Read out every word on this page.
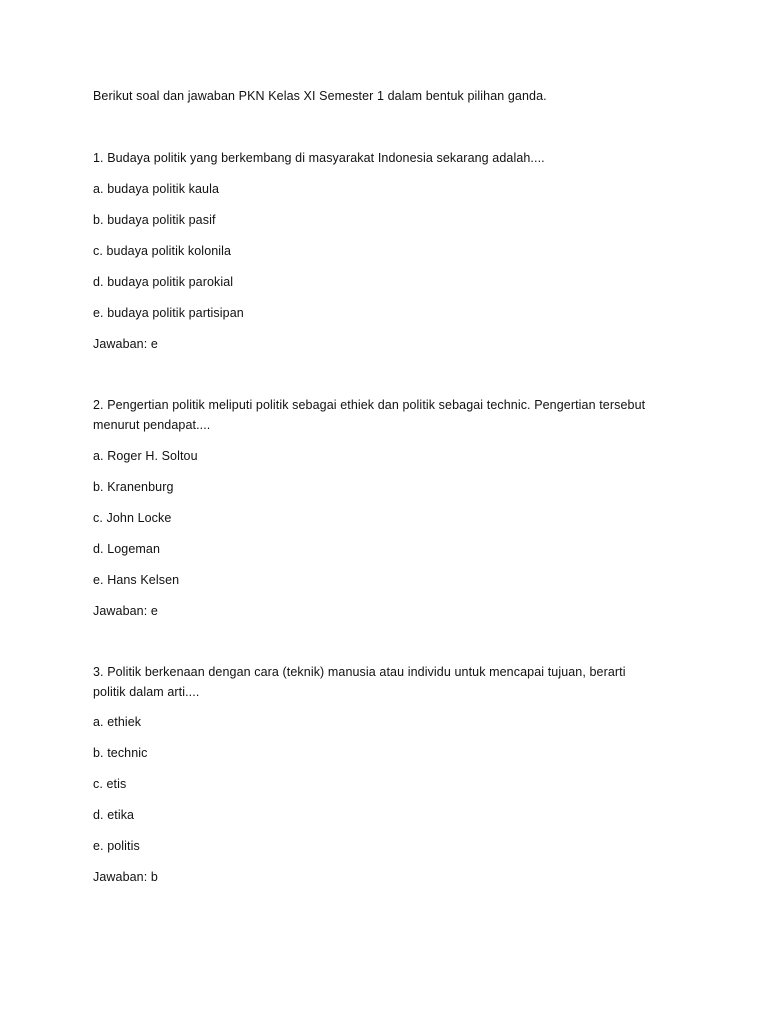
Berikut soal dan jawaban PKN Kelas XI Semester 1 dalam bentuk pilihan ganda.
1. Budaya politik yang berkembang di masyarakat Indonesia sekarang adalah....
a. budaya politik kaula
b. budaya politik pasif
c. budaya politik kolonila
d. budaya politik parokial
e. budaya politik partisipan
Jawaban: e
2. Pengertian politik meliputi politik sebagai ethiek dan politik sebagai technic. Pengertian tersebut
menurut pendapat....
a. Roger H. Soltou
b. Kranenburg
c. John Locke
d. Logeman
e. Hans Kelsen
Jawaban: e
3. Politik berkenaan dengan cara (teknik) manusia atau individu untuk mencapai tujuan, berarti
politik dalam arti....
a. ethiek
b. technic
c. etis
d. etika
e. politis
Jawaban: b
